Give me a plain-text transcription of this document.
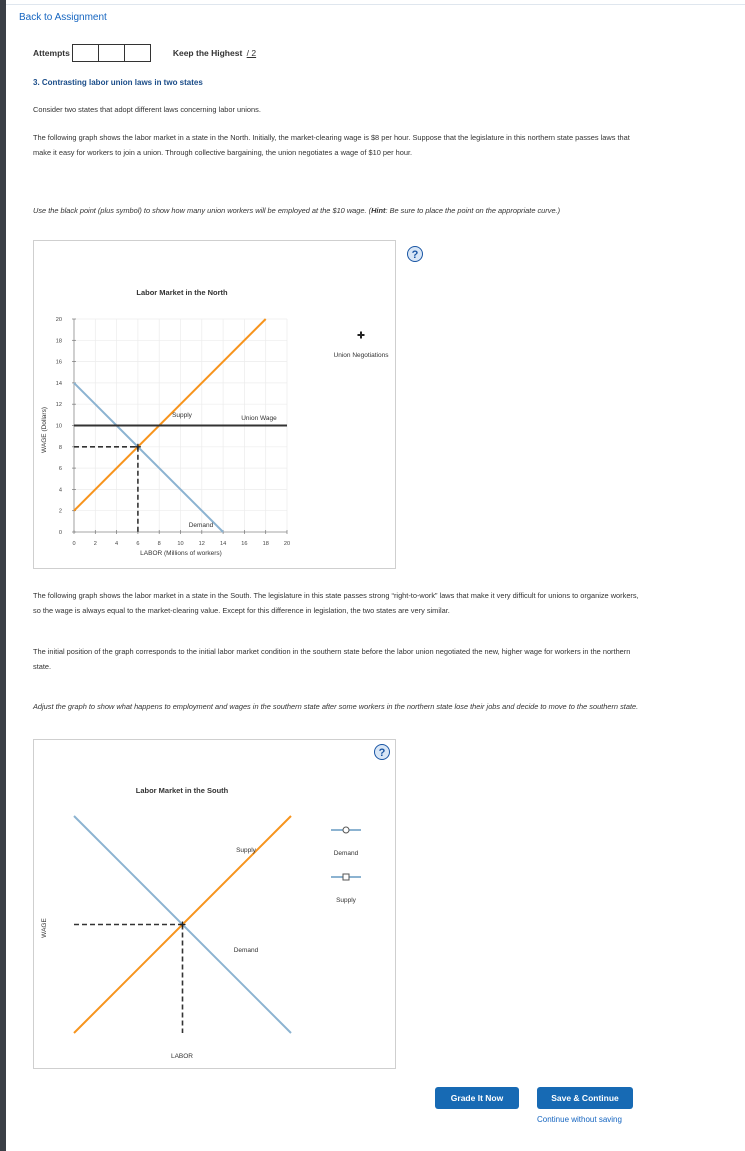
Back to Assignment
Attempts	Keep the Highest / 2
3. Contrasting labor union laws in two states
Consider two states that adopt different laws concerning labor unions.
The following graph shows the labor market in a state in the North. Initially, the market-clearing wage is $8 per hour. Suppose that the legislature in this northern state passes laws that make it easy for workers to join a union. Through collective bargaining, the union negotiates a wage of $10 per hour.
Use the black point (plus symbol) to show how many union workers will be employed at the $10 wage. (Hint: Be sure to place the point on the appropriate curve.)
?
Labor Market in the North
0	2	4	6	8	10	12	14	16	18	20
0
2
4
6
8
10
12
14
16
18
20
WAGE (Dollars)
LABOR (Millions of workers)
Supply	Union Wage
Demand
Union Negotiations
The following graph shows the labor market in a state in the South. The legislature in this state passes strong “right-to-work” laws that make it very difficult for unions to organize workers, so the wage is always equal to the market-clearing value. Except for this difference in legislation, the two states are very similar.
The initial position of the graph corresponds to the initial labor market condition in the southern state before the labor union negotiated the new, higher wage for workers in the northern state.
Adjust the graph to show what happens to employment and wages in the southern state after some workers in the northern state lose their jobs and decide to move to the southern state.
?
Labor Market in the South
WAGE
LABOR
Supply
Demand
Demand
Supply
Grade It Now	Save & Continue
Continue without saving
